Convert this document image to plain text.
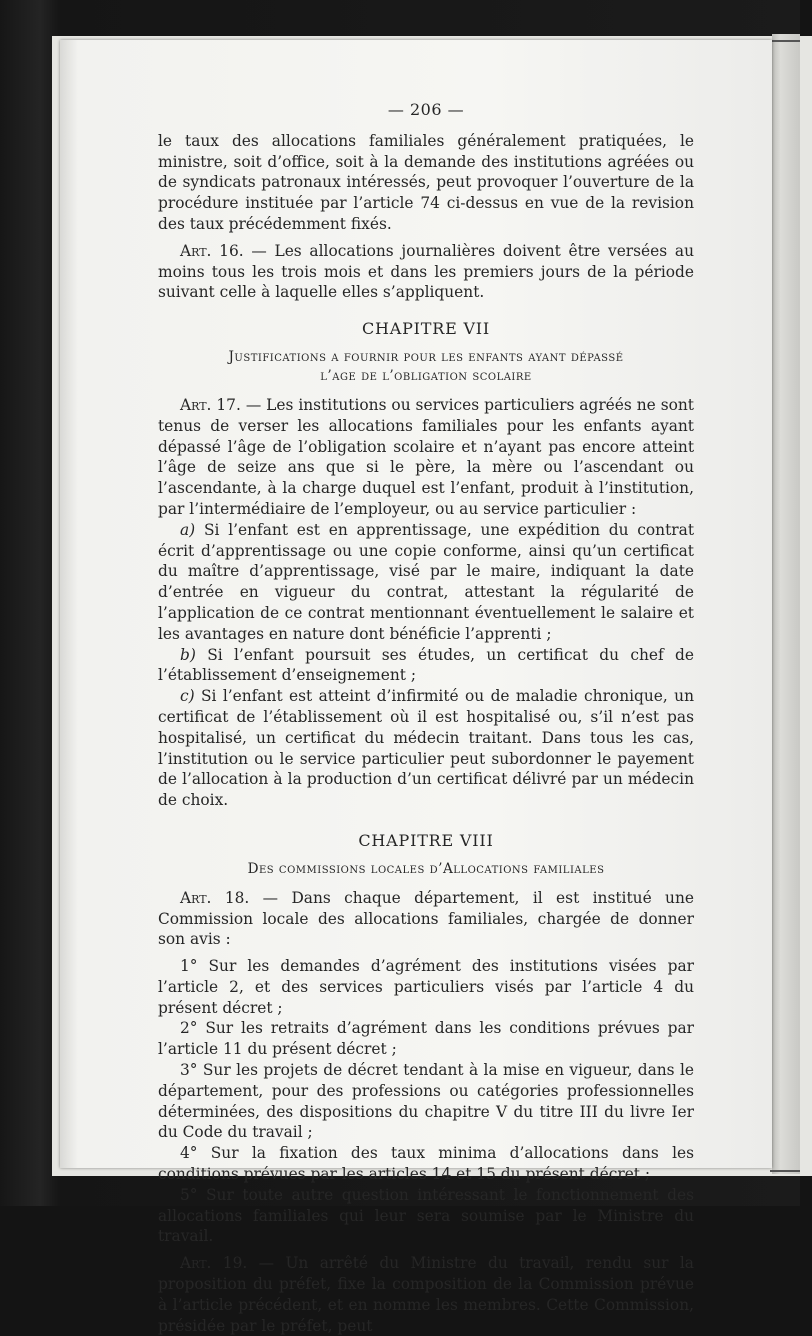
— 206 —

le taux des allocations familiales généralement pratiquées, le ministre, soit d’office, soit à la demande des institutions agréées ou de syndicats patronaux intéressés, peut provoquer l’ouverture de la procédure instituée par l’article 74 ci-dessus en vue de la revision des taux précédemment fixés.

Art. 16. — Les allocations journalières doivent être versées au moins tous les trois mois et dans les premiers jours de la période suivant celle à laquelle elles s’appliquent.

CHAPITRE VII
Justifications a fournir pour les enfants ayant dépassé
l’age de l’obligation scolaire

Art. 17. — Les institutions ou services particuliers agréés ne sont tenus de verser les allocations familiales pour les enfants ayant dépassé l’âge de l’obligation scolaire et n’ayant pas encore atteint l’âge de seize ans que si le père, la mère ou l’ascendant ou l’ascendante, à la charge duquel est l’enfant, produit à l’institution, par l’intermédiaire de l’employeur, ou au service particulier :

a) Si l’enfant est en apprentissage, une expédition du contrat écrit d’apprentissage ou une copie conforme, ainsi qu’un certificat du maître d’apprentissage, visé par le maire, indiquant la date d’entrée en vigueur du contrat, attestant la régularité de l’application de ce contrat mentionnant éventuellement le salaire et les avantages en nature dont bénéficie l’apprenti ;

b) Si l’enfant poursuit ses études, un certificat du chef de l’établissement d’enseignement ;

c) Si l’enfant est atteint d’infirmité ou de maladie chronique, un certificat de l’établissement où il est hospitalisé ou, s’il n’est pas hospitalisé, un certificat du médecin traitant. Dans tous les cas, l’institution ou le service particulier peut subordonner le payement de l’allocation à la production d’un certificat délivré par un médecin de choix.

CHAPITRE VIII
Des commissions locales d’Allocations familiales

Art. 18. — Dans chaque département, il est institué une Commission locale des allocations familiales, chargée de donner son avis :

1° Sur les demandes d’agrément des institutions visées par l’article 2, et des services particuliers visés par l’article 4 du présent décret ;

2° Sur les retraits d’agrément dans les conditions prévues par l’article 11 du présent décret ;

3° Sur les projets de décret tendant à la mise en vigueur, dans le département, pour des professions ou catégories professionnelles déterminées, des dispositions du chapitre V du titre III du livre Ier du Code du travail ;

4° Sur la fixation des taux minima d’allocations dans les conditions prévues par les articles 14 et 15 du présent décret ;

5° Sur toute autre question intéressant le fonctionnement des allocations familiales qui leur sera soumise par le Ministre du travail.

Art. 19. — Un arrêté du Ministre du travail, rendu sur la proposition du préfet, fixe la composition de la Commission prévue à l’article précédent, et en nomme les membres. Cette Commission, présidée par le préfet, peut
